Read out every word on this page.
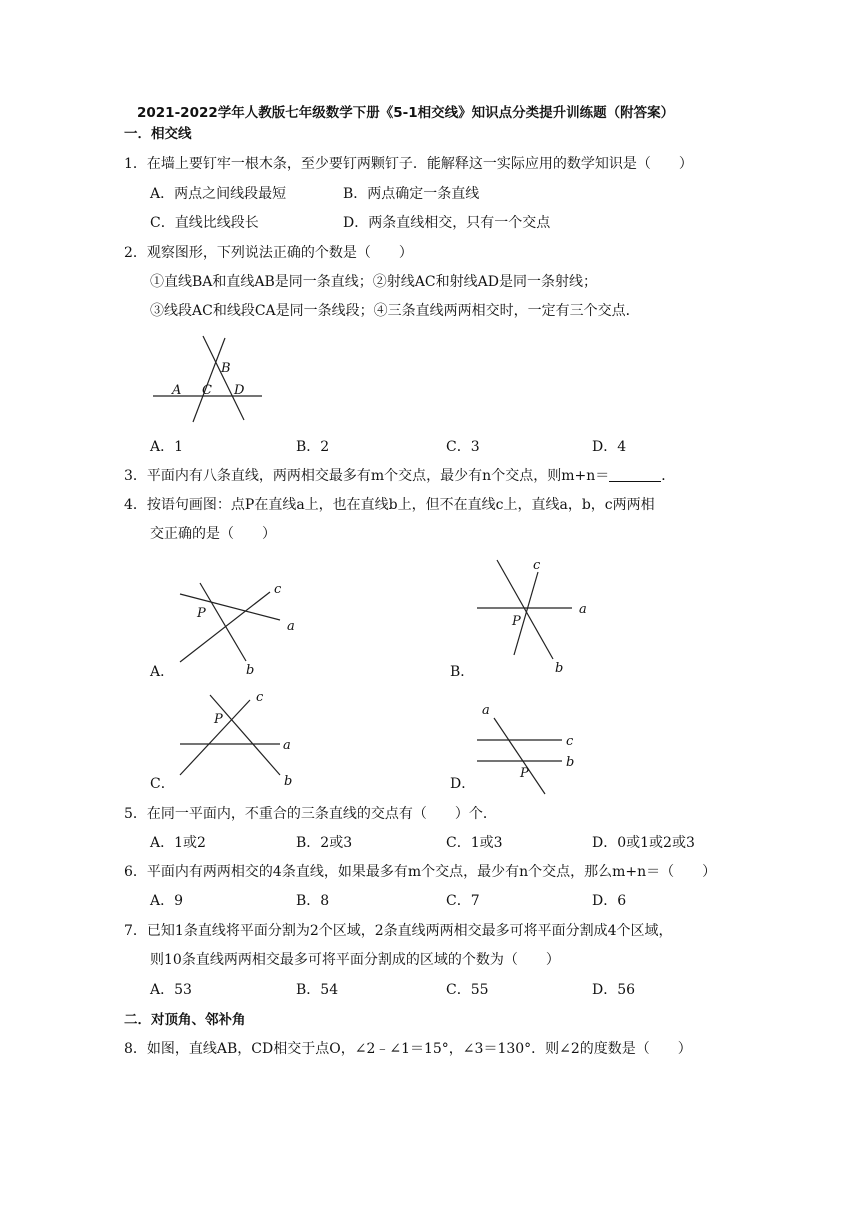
2021-2022学年人教版七年级数学下册《5-1相交线》知识点分类提升训练题（附答案）
一．相交线
1．在墙上要钉牢一根木条，至少要钉两颗钉子．能解释这一实际应用的数学知识是（　　）
A．两点之间线段最短	B．两点确定一条直线
C．直线比线段长	D．两条直线相交，只有一个交点
2．观察图形，下列说法正确的个数是（　　）
①直线BA和直线AB是同一条直线；②射线AC和射线AD是同一条射线；
③线段AC和线段CA是同一条线段；④三条直线两两相交时，一定有三个交点．
A C
B
D
A．1	B．2	C．3	D．4
3．平面内有八条直线，两两相交最多有m个交点，最少有n个交点，则m+n＝	．
4．按语句画图：点P在直线a上，也在直线b上，但不在直线c上，直线a，b，c两两相
交正确的是（　　）
P
a
b
c
A．
P
a
b
c
B．
P
a
b
c
C．
a
c
b
P
D．
5．在同一平面内，不重合的三条直线的交点有（　　）个．
A．1或2	B．2或3	C．1或3	D．0或1或2或3
6．平面内有两两相交的4条直线，如果最多有m个交点，最少有n个交点，那么m+n＝（　　）
A．9	B．8	C．7	D．6
7．已知1条直线将平面分割为2个区域，2条直线两两相交最多可将平面分割成4个区域，
则10条直线两两相交最多可将平面分割成的区域的个数为（　　）
A．53	B．54	C．55	D．56
二．对顶角、邻补角
8．如图，直线AB，CD相交于点O，∠2﹣∠1＝15°，∠3＝130°．则∠2的度数是（　　）
